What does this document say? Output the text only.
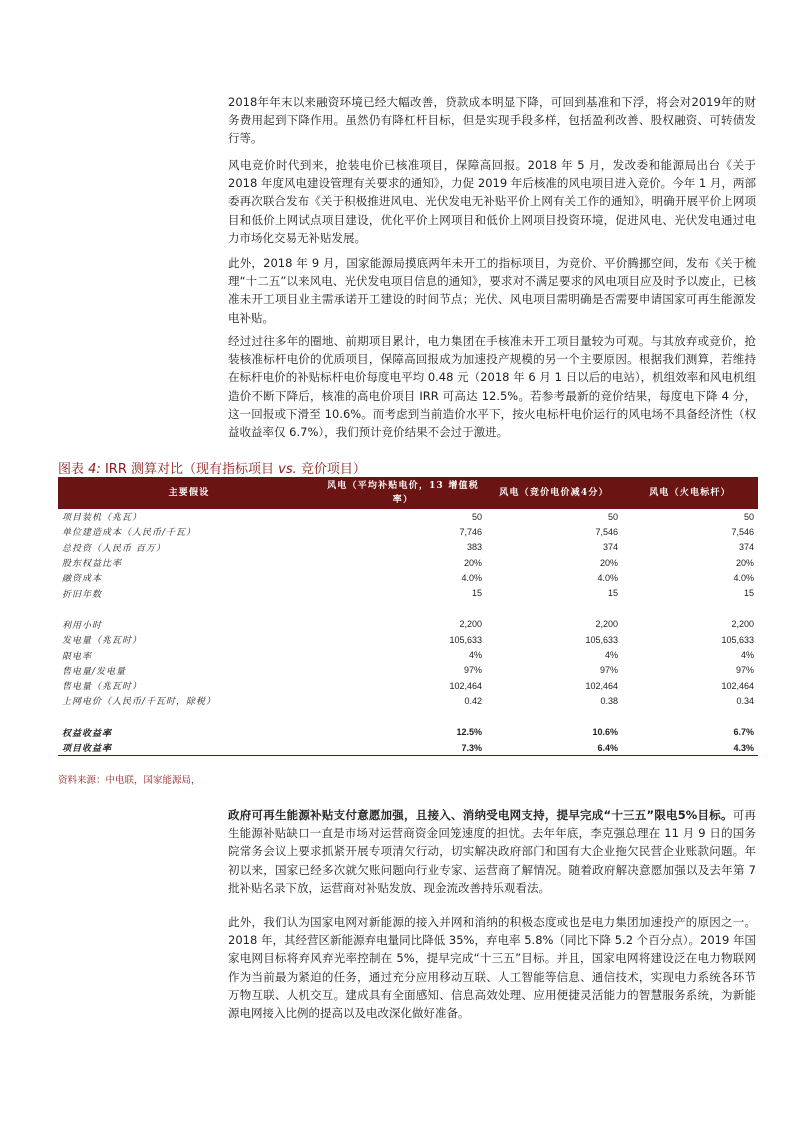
2018年年末以来融资环境已经大幅改善，贷款成本明显下降，可回到基准和下浮，将会对2019年的财务费用起到下降作用。虽然仍有降杠杆目标，但是实现手段多样，包括盈利改善、股权融资、可转债发行等。

风电竞价时代到来，抢装电价已核准项目，保障高回报。2018 年 5 月，发改委和能源局出台《关于 2018 年度风电建设管理有关要求的通知》，力促 2019 年后核准的风电项目进入竞价。今年 1 月，两部委再次联合发布《关于积极推进风电、光伏发电无补贴平价上网有关工作的通知》，明确开展平价上网项目和低价上网试点项目建设，优化平价上网项目和低价上网项目投资环境，促进风电、光伏发电通过电力市场化交易无补贴发展。

此外，2018 年 9 月，国家能源局摸底两年未开工的指标项目，为竞价、平价腾挪空间，发布《关于梳理“十二五”以来风电、光伏发电项目信息的通知》，要求对不满足要求的风电项目应及时予以废止，已核准未开工项目业主需承诺开工建设的时间节点；光伏、风电项目需明确是否需要申请国家可再生能源发电补贴。

经过过往多年的圈地、前期项目累计，电力集团在手核准未开工项目量较为可观。与其放弃或竞价，抢装核准标杆电价的优质项目，保障高回报成为加速投产规模的另一个主要原因。根据我们测算，若维持在标杆电价的补贴标杆电价每度电平均 0.48 元（2018 年 6 月 1 日以后的电站），机组效率和风电机组造价不断下降后，核准的高电价项目 IRR 可高达 12.5%。若参考最新的竞价结果，每度电下降 4 分，这一回报或下滑至 10.6%。而考虑到当前造价水平下，按火电标杆电价运行的风电场不具备经济性（权益收益率仅 6.7%），我们预计竞价结果不会过于激进。

图表 4: IRR 测算对比（现有指标项目 vs. 竞价项目）
主要假设	风电（平均补贴电价，13 增值税率）	风电（竞价电价减4分）	风电（火电标杆）
项目装机（兆瓦）	50	50	50
单位建造成本（人民币/千瓦）	7,746	7,546	7,546
总投资（人民币 百万）	383	374	374
股东权益比率	20%	20%	20%
融资成本	4.0%	4.0%	4.0%
折旧年数	15	15	15

利用小时	2,200	2,200	2,200
发电量（兆瓦时）	105,633	105,633	105,633
限电率	4%	4%	4%
售电量/发电量	97%	97%	97%
售电量（兆瓦时）	102,464	102,464	102,464
上网电价（人民币/千瓦时，除税）	0.42	0.38	0.34

权益收益率	12.5%	10.6%	6.7%
项目收益率	7.3%	6.4%	4.3%
资料来源：中电联，国家能源局，

政府可再生能源补贴支付意愿加强，且接入、消纳受电网支持，提早完成“十三五”限电5%目标。可再生能源补贴缺口一直是市场对运营商资金回笼速度的担忧。去年年底，李克强总理在 11 月 9 日的国务院常务会议上要求抓紧开展专项清欠行动，切实解决政府部门和国有大企业拖欠民营企业账款问题。年初以来，国家已经多次就欠账问题向行业专家、运营商了解情况。随着政府解决意愿加强以及去年第 7 批补贴名录下放，运营商对补贴发放、现金流改善持乐观看法。

此外，我们认为国家电网对新能源的接入并网和消纳的积极态度或也是电力集团加速投产的原因之一。2018 年，其经营区新能源弃电量同比降低 35%，弃电率 5.8%（同比下降 5.2 个百分点）。2019 年国家电网目标将弃风弃光率控制在 5%，提早完成“十三五”目标。并且，国家电网将建设泛在电力物联网作为当前最为紧迫的任务，通过充分应用移动互联、人工智能等信息、通信技术，实现电力系统各环节万物互联、人机交互。建成具有全面感知、信息高效处理、应用便捷灵活能力的智慧服务系统，为新能源电网接入比例的提高以及电改深化做好准备。
